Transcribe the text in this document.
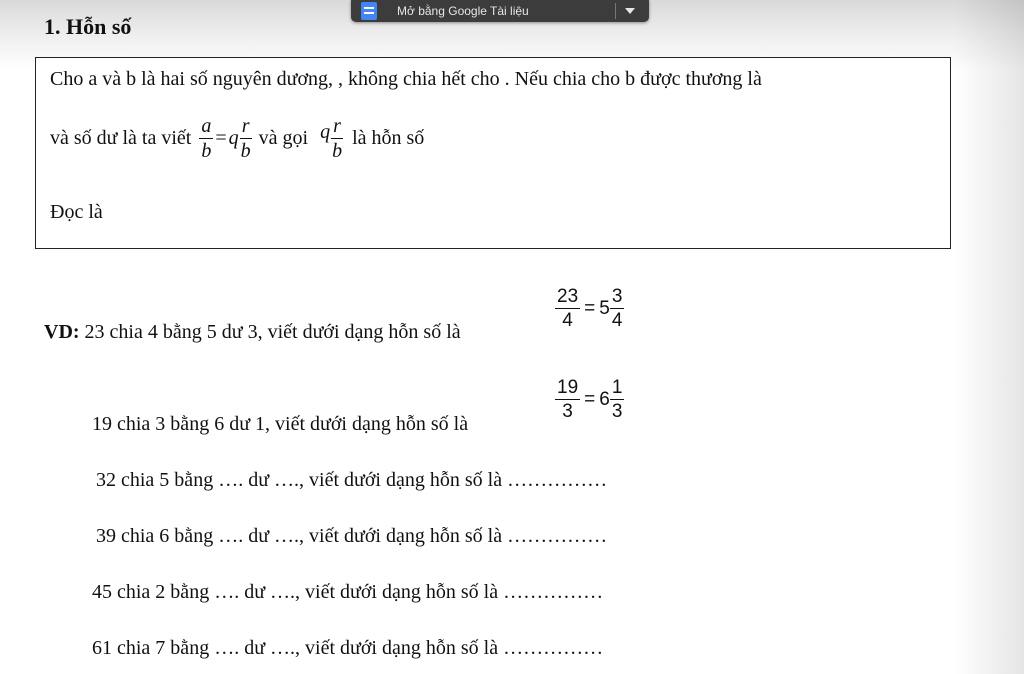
1. Hỗn số
Mở bằng Google Tài liệu
Cho a và b là hai số nguyên dương, , không chia hết cho . Nếu chia cho b được thương là
và số dư là ta viết $\frac{a}{b} = q \frac{r}{b}$ và gọi q $\frac{r}{b}$ là hỗn số
Đọc là
VD: 23 chia 4 bằng 5 dư 3, viết dưới dạng hỗn số là
$\frac{23}{4} = 5 \frac{3}{4}$
19 chia 3 bằng 6 dư 1, viết dưới dạng hỗn số là
$\frac{19}{3} = 6 \frac{1}{3}$
32 chia 5 bằng …. dư …., viết dưới dạng hỗn số là ……………
39 chia 6 bằng …. dư …., viết dưới dạng hỗn số là ……………
45 chia 2 bằng …. dư …., viết dưới dạng hỗn số là ……………
61 chia 7 bằng …. dư …., viết dưới dạng hỗn số là ……………
